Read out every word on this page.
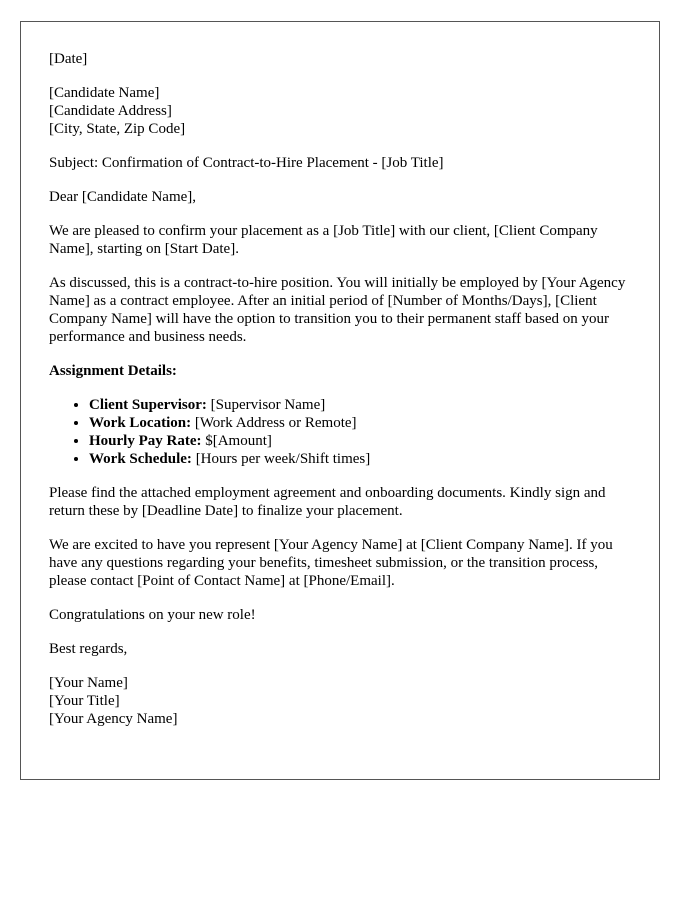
[Date]

[Candidate Name]
[Candidate Address]
[City, State, Zip Code]

Subject: Confirmation of Contract-to-Hire Placement - [Job Title]

Dear [Candidate Name],

We are pleased to confirm your placement as a [Job Title] with our client, [Client Company Name], starting on [Start Date].

As discussed, this is a contract-to-hire position. You will initially be employed by [Your Agency Name] as a contract employee. After an initial period of [Number of Months/Days], [Client Company Name] will have the option to transition you to their permanent staff based on your performance and business needs.

Assignment Details:

• Client Supervisor: [Supervisor Name]
• Work Location: [Work Address or Remote]
• Hourly Pay Rate: $[Amount]
• Work Schedule: [Hours per week/Shift times]

Please find the attached employment agreement and onboarding documents. Kindly sign and return these by [Deadline Date] to finalize your placement.

We are excited to have you represent [Your Agency Name] at [Client Company Name]. If you have any questions regarding your benefits, timesheet submission, or the transition process, please contact [Point of Contact Name] at [Phone/Email].

Congratulations on your new role!

Best regards,

[Your Name]
[Your Title]
[Your Agency Name]
